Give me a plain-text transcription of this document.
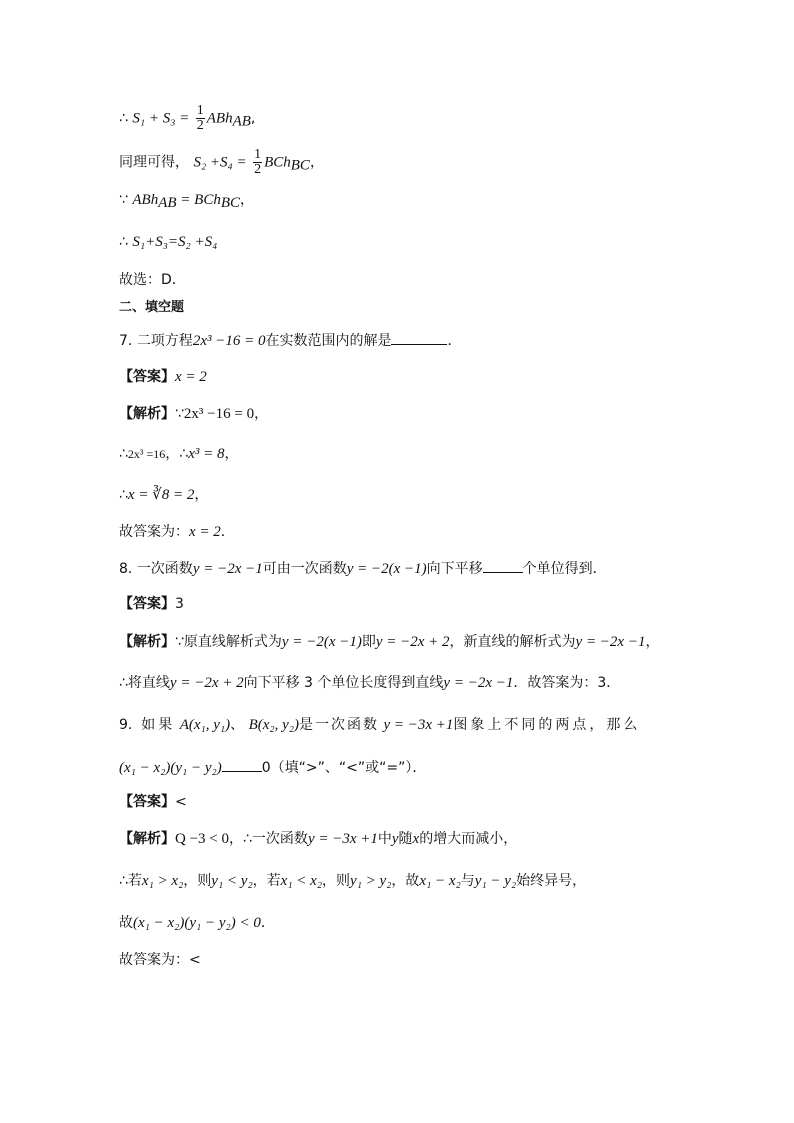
∴ $S_1 + S_3 = \frac{1}{2} ABh_{AB}$,
同理可得， $S_2 +S_4 = \frac{1}{2} BCh_{BC}$，
∵ ABh$_{AB}$ = BCh$_{BC}$，
∴ S₁+S₃=S₂ +S₄
故选：D．
二、填空题
7. 二项方程2x³ −16 = 0在实数范围内的解是	．
【答案】x = 2
【解析】∵2x³ −16 = 0，
∴2x³ =16，∴x³ = 8，
∴x = ∛8 = 2，
故答案为：x = 2．
8. 一次函数y = −2x −1可由一次函数y = −2(x −1)向下平移	个单位得到．
【答案】3
【解析】∵原直线解析式为y = −2(x −1)即y = −2x + 2，新直线的解析式为y = −2x −1，
∴将直线y = −2x + 2向下平移 3 个单位长度得到直线y = −2x −1．故答案为：3．
9. 如果 A(x₁, y₁)、 B(x₂, y₂)是一次函数 y = −3x +1图象上不同的两点，那么
(x₁ − x₂)(y₁ − y₂)	0（填“>”、“<”或“=”）．
【答案】<
【解析】Q −3 < 0，∴一次函数y = −3x +1中y随x的增大而减小，
∴若x₁ > x₂，则y₁ < y₂，若x₁ < x₂，则y₁ > y₂，故x₁ − x₂与y₁ − y₂始终异号，
故(x₁ − x₂)(y₁ − y₂) < 0．
故答案为：<
